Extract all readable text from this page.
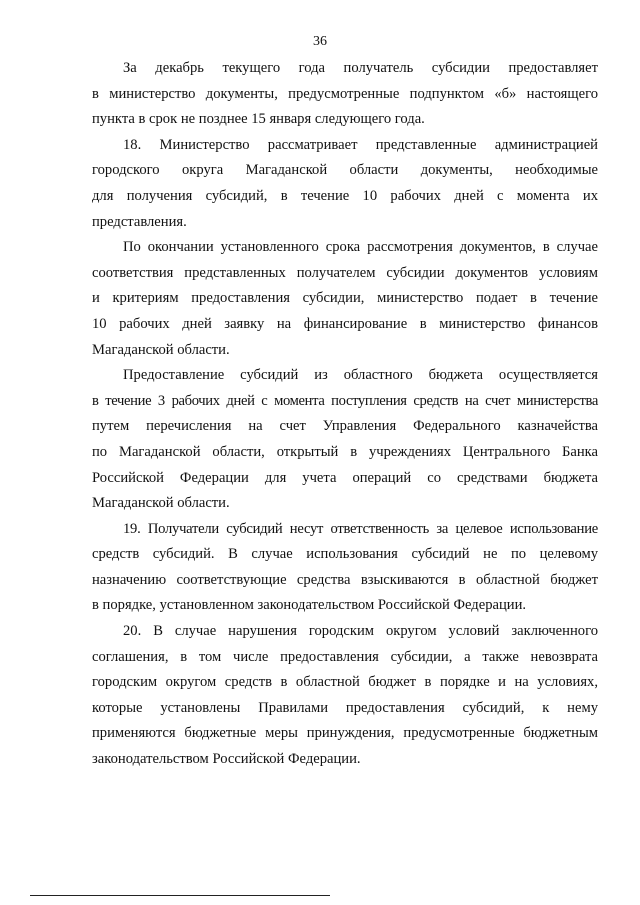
36

За декабрь текущего года получатель субсидии предоставляет
в министерство документы, предусмотренные подпунктом «б» настоящего
пункта в срок не позднее 15 января следующего года.

18. Министерство рассматривает представленные администрацией
городского округа Магаданской области документы, необходимые
для получения субсидий, в течение 10 рабочих дней с момента их
представления.

По окончании установленного срока рассмотрения документов, в случае
соответствия представленных получателем субсидии документов условиям
и критериям предоставления субсидии, министерство подает в течение
10 рабочих дней заявку на финансирование в министерство финансов
Магаданской области.

Предоставление субсидий из областного бюджета осуществляется
в течение 3 рабочих дней с момента поступления средств на счет министерства
путем перечисления на счет Управления Федерального казначейства
по Магаданской области, открытый в учреждениях Центрального Банка
Российской Федерации для учета операций со средствами бюджета
Магаданской области.

19. Получатели субсидий несут ответственность за целевое использование
средств субсидий. В случае использования субсидий не по целевому
назначению соответствующие средства взыскиваются в областной бюджет
в порядке, установленном законодательством Российской Федерации.

20. В случае нарушения городским округом условий заключенного
соглашения, в том числе предоставления субсидии, а также невозврата
городским округом средств в областной бюджет в порядке и на условиях,
которые установлены Правилами предоставления субсидий, к нему
применяются бюджетные меры принуждения, предусмотренные бюджетным
законодательством Российской Федерации.
